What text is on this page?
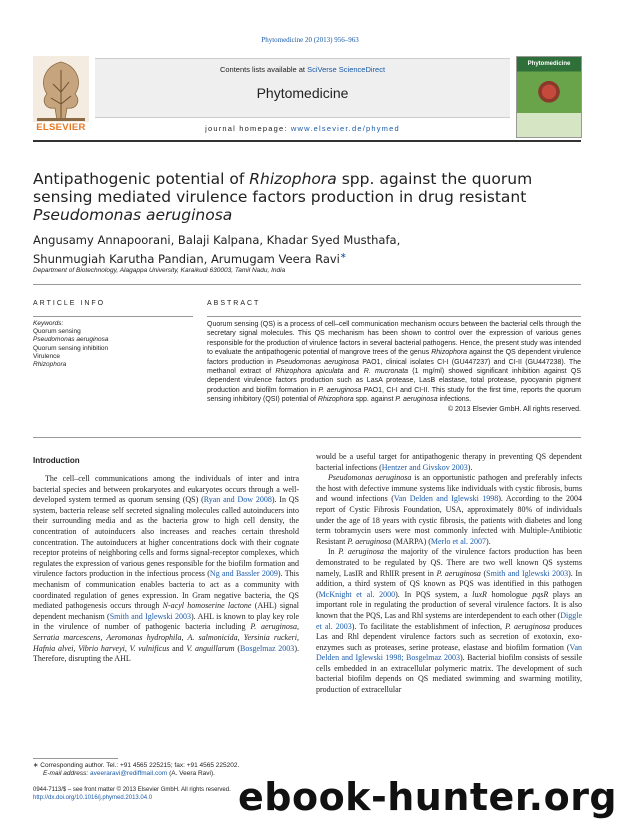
Phytomedicine 20 (2013) 956–963
ELSEVIER
Contents lists available at SciVerse ScienceDirect
Phytomedicine
Phytomedicine
journal homepage: www.elsevier.de/phymed
Antipathogenic potential of Rhizophora spp. against the quorum sensing mediated virulence factors production in drug resistant Pseudomonas aeruginosa
Angusamy Annapoorani, Balaji Kalpana, Khadar Syed Musthafa,
Shunmugiah Karutha Pandian, Arumugam Veera Ravi∗
Department of Biotechnology, Alagappa University, Karaikudi 630003, Tamil Nadu, India
ARTICLE INFO	ABSTRACT
Keywords:
Quorum sensing
Pseudomonas aeruginosa
Quorum sensing inhibition
Virulence
Rhizophora
Quorum sensing (QS) is a process of cell–cell communication mechanism occurs between the bacterial cells through the secretary signal molecules. This QS mechanism has been shown to control over the expression of various genes responsible for the production of virulence factors in several bacterial pathogens. Hence, the present study was intended to evaluate the antipathogenic potential of mangrove trees of the genus Rhizophora against the QS dependent virulence factors production in Pseudomonas aeruginosa PAO1, clinical isolates CI-I (GU447237) and CI-II (GU447238). The methanol extract of Rhizophora apiculata and R. mucronata (1 mg/ml) showed significant inhibition against QS dependent virulence factors production such as LasA protease, LasB elastase, total protease, pyocyanin pigment production and biofilm formation in P. aeruginosa PAO1, CI-I and CI-II. This study for the first time, reports the quorum sensing inhibitory (QSI) potential of Rhizophora spp. against P. aeruginosa infections.
© 2013 Elsevier GmbH. All rights reserved.
Introduction

The cell–cell communications among the individuals of inter and intra bacterial species and between prokaryotes and eukaryotes occurs through a well-developed system termed as quorum sensing (QS) (Ryan and Dow 2008). In QS system, bacteria release self secreted signaling molecules called autoinducers into their surrounding media and as the bacteria grow to high cell density, the concentration of autoinducers also increases and reaches certain threshold concentration. The autoinducers at higher concentrations dock with their cognate receptor proteins of neighboring cells and forms signal-receptor complexes, which regulates the expression of various genes responsible for the biofilm formation and virulence factors production in the infectious process (Ng and Bassler 2009). This mechanism of communication enables bacteria to act as a community with coordinated regulation of genes expression. In Gram negative bacteria, the QS mediated pathogenesis occurs through N-acyl homoserine lactone (AHL) signal dependent mechanism (Smith and Iglewski 2003). AHL is known to play key role in the virulence of number of pathogenic bacteria including P. aeruginosa, Serratia marcescens, Aeromonas hydrophila, A. salmonicida, Yersinia ruckeri, Hafnia alvei, Vibrio harveyi, V. vulnificus and V. anguillarum (Bosgelmaz 2003). Therefore, disrupting the AHL

would be a useful target for antipathogenic therapy in preventing QS dependent bacterial infections (Hentzer and Givskov 2003).

Pseudomonas aeruginosa is an opportunistic pathogen and preferably infects the host with defective immune systems like individuals with cystic fibrosis, burns and wound infections (Van Delden and Iglewski 1998). According to the 2004 report of Cystic Fibrosis Foundation, USA, approximately 80% of individuals under the age of 18 years with cystic fibrosis, the patients with diabetes and long term tobramycin users were most commonly infected with Multiple-Antibiotic Resistant P. aeruginosa (MARPA) (Merlo et al. 2007).

In P. aeruginosa the majority of the virulence factors production has been demonstrated to be regulated by QS. There are two well known QS systems namely, LasIR and RhlIR present in P. aeruginosa (Smith and Iglewski 2003). In addition, a third system of QS known as PQS was identified in this pathogen (McKnight et al. 2000). In PQS system, a luxR homologue pqsR plays an important role in regulating the production of several virulence factors. It is also known that the PQS, Las and Rhl systems are interdependent to each other (Diggle et al. 2003). To facilitate the establishment of infection, P. aeruginosa produces Las and Rhl dependent virulence factors such as secretion of exotoxin, exo-enzymes such as proteases, serine protease, elastase and biofilm formation (Van Delden and Iglewski 1998; Bosgelmaz 2003). Bacterial biofilm consists of sessile cells embedded in an extracellular polymeric matrix. The development of such bacterial biofilm depends on QS mediated swimming and swarming motility, production of extracellular

∗ Corresponding author. Tel.: +91 4565 225215; fax: +91 4565 225202.
E-mail address: aveeraravi@rediffmail.com (A. Veera Ravi).
0944-7113/$ – see front matter © 2013 Elsevier GmbH. All rights reserved.
http://dx.doi.org/10.1016/j.phymed.2013.04.0	ebook-hunter.org
